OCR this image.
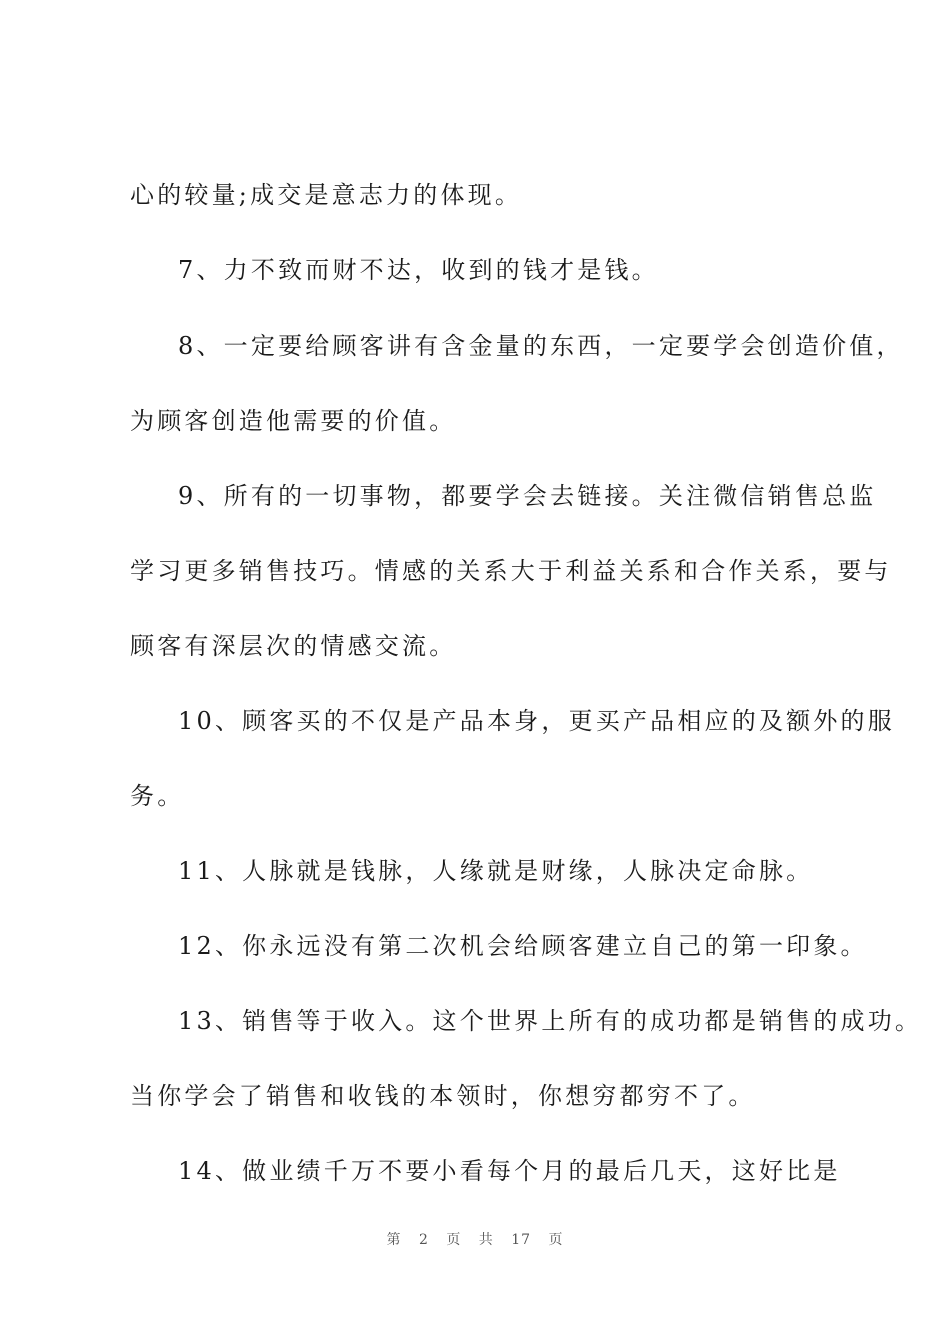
心的较量;成交是意志力的体现。
7、力不致而财不达，收到的钱才是钱。
8、一定要给顾客讲有含金量的东西，一定要学会创造价值，
为顾客创造他需要的价值。
9、所有的一切事物，都要学会去链接。关注微信销售总监
学习更多销售技巧。情感的关系大于利益关系和合作关系，要与
顾客有深层次的情感交流。
10、顾客买的不仅是产品本身，更买产品相应的及额外的服
务。
11、人脉就是钱脉，人缘就是财缘，人脉决定命脉。
12、你永远没有第二次机会给顾客建立自己的第一印象。
13、销售等于收入。这个世界上所有的成功都是销售的成功。
当你学会了销售和收钱的本领时，你想穷都穷不了。
14、做业绩千万不要小看每个月的最后几天，这好比是
第 2 页 共 17 页
